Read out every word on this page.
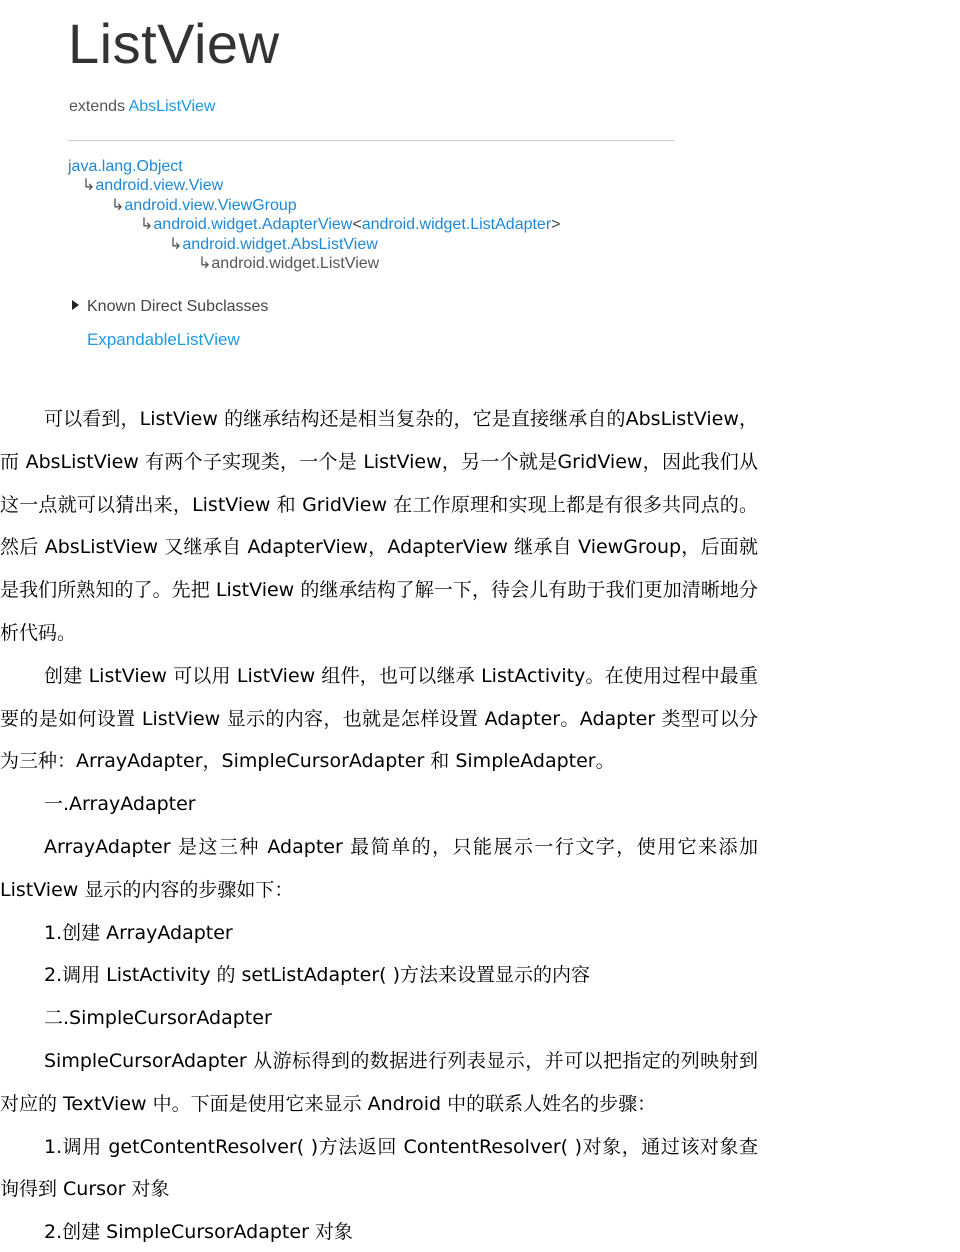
ListView
extends AbsListView
java.lang.Object
↳android.view.View
↳android.view.ViewGroup
↳android.widget.AdapterView<android.widget.ListAdapter>
↳android.widget.AbsListView
↳android.widget.ListView
Known Direct Subclasses
ExpandableListView

可以看到，ListView 的继承结构还是相当复杂的，它是直接继承自的AbsListView，而 AbsListView 有两个子实现类，一个是 ListView，另一个就是GridView，因此我们从这一点就可以猜出来，ListView 和 GridView 在工作原理和实现上都是有很多共同点的。然后 AbsListView 又继承自 AdapterView，AdapterView 继承自 ViewGroup，后面就是我们所熟知的了。先把 ListView 的继承结构了解一下，待会儿有助于我们更加清晰地分析代码。

创建 ListView 可以用 ListView 组件，也可以继承 ListActivity。在使用过程中最重要的是如何设置 ListView 显示的内容，也就是怎样设置 Adapter。Adapter 类型可以分为三种：ArrayAdapter，SimpleCursorAdapter 和 SimpleAdapter。

一.ArrayAdapter

ArrayAdapter 是这三种 Adapter 最简单的，只能展示一行文字，使用它来添加 ListView 显示的内容的步骤如下：

1.创建 ArrayAdapter

2.调用 ListActivity 的 setListAdapter( )方法来设置显示的内容

二.SimpleCursorAdapter

SimpleCursorAdapter 从游标得到的数据进行列表显示，并可以把指定的列映射到对应的 TextView 中。下面是使用它来显示 Android 中的联系人姓名的步骤：

1.调用 getContentResolver( )方法返回 ContentResolver( )对象，通过该对象查询得到 Cursor 对象

2.创建 SimpleCursorAdapter 对象
